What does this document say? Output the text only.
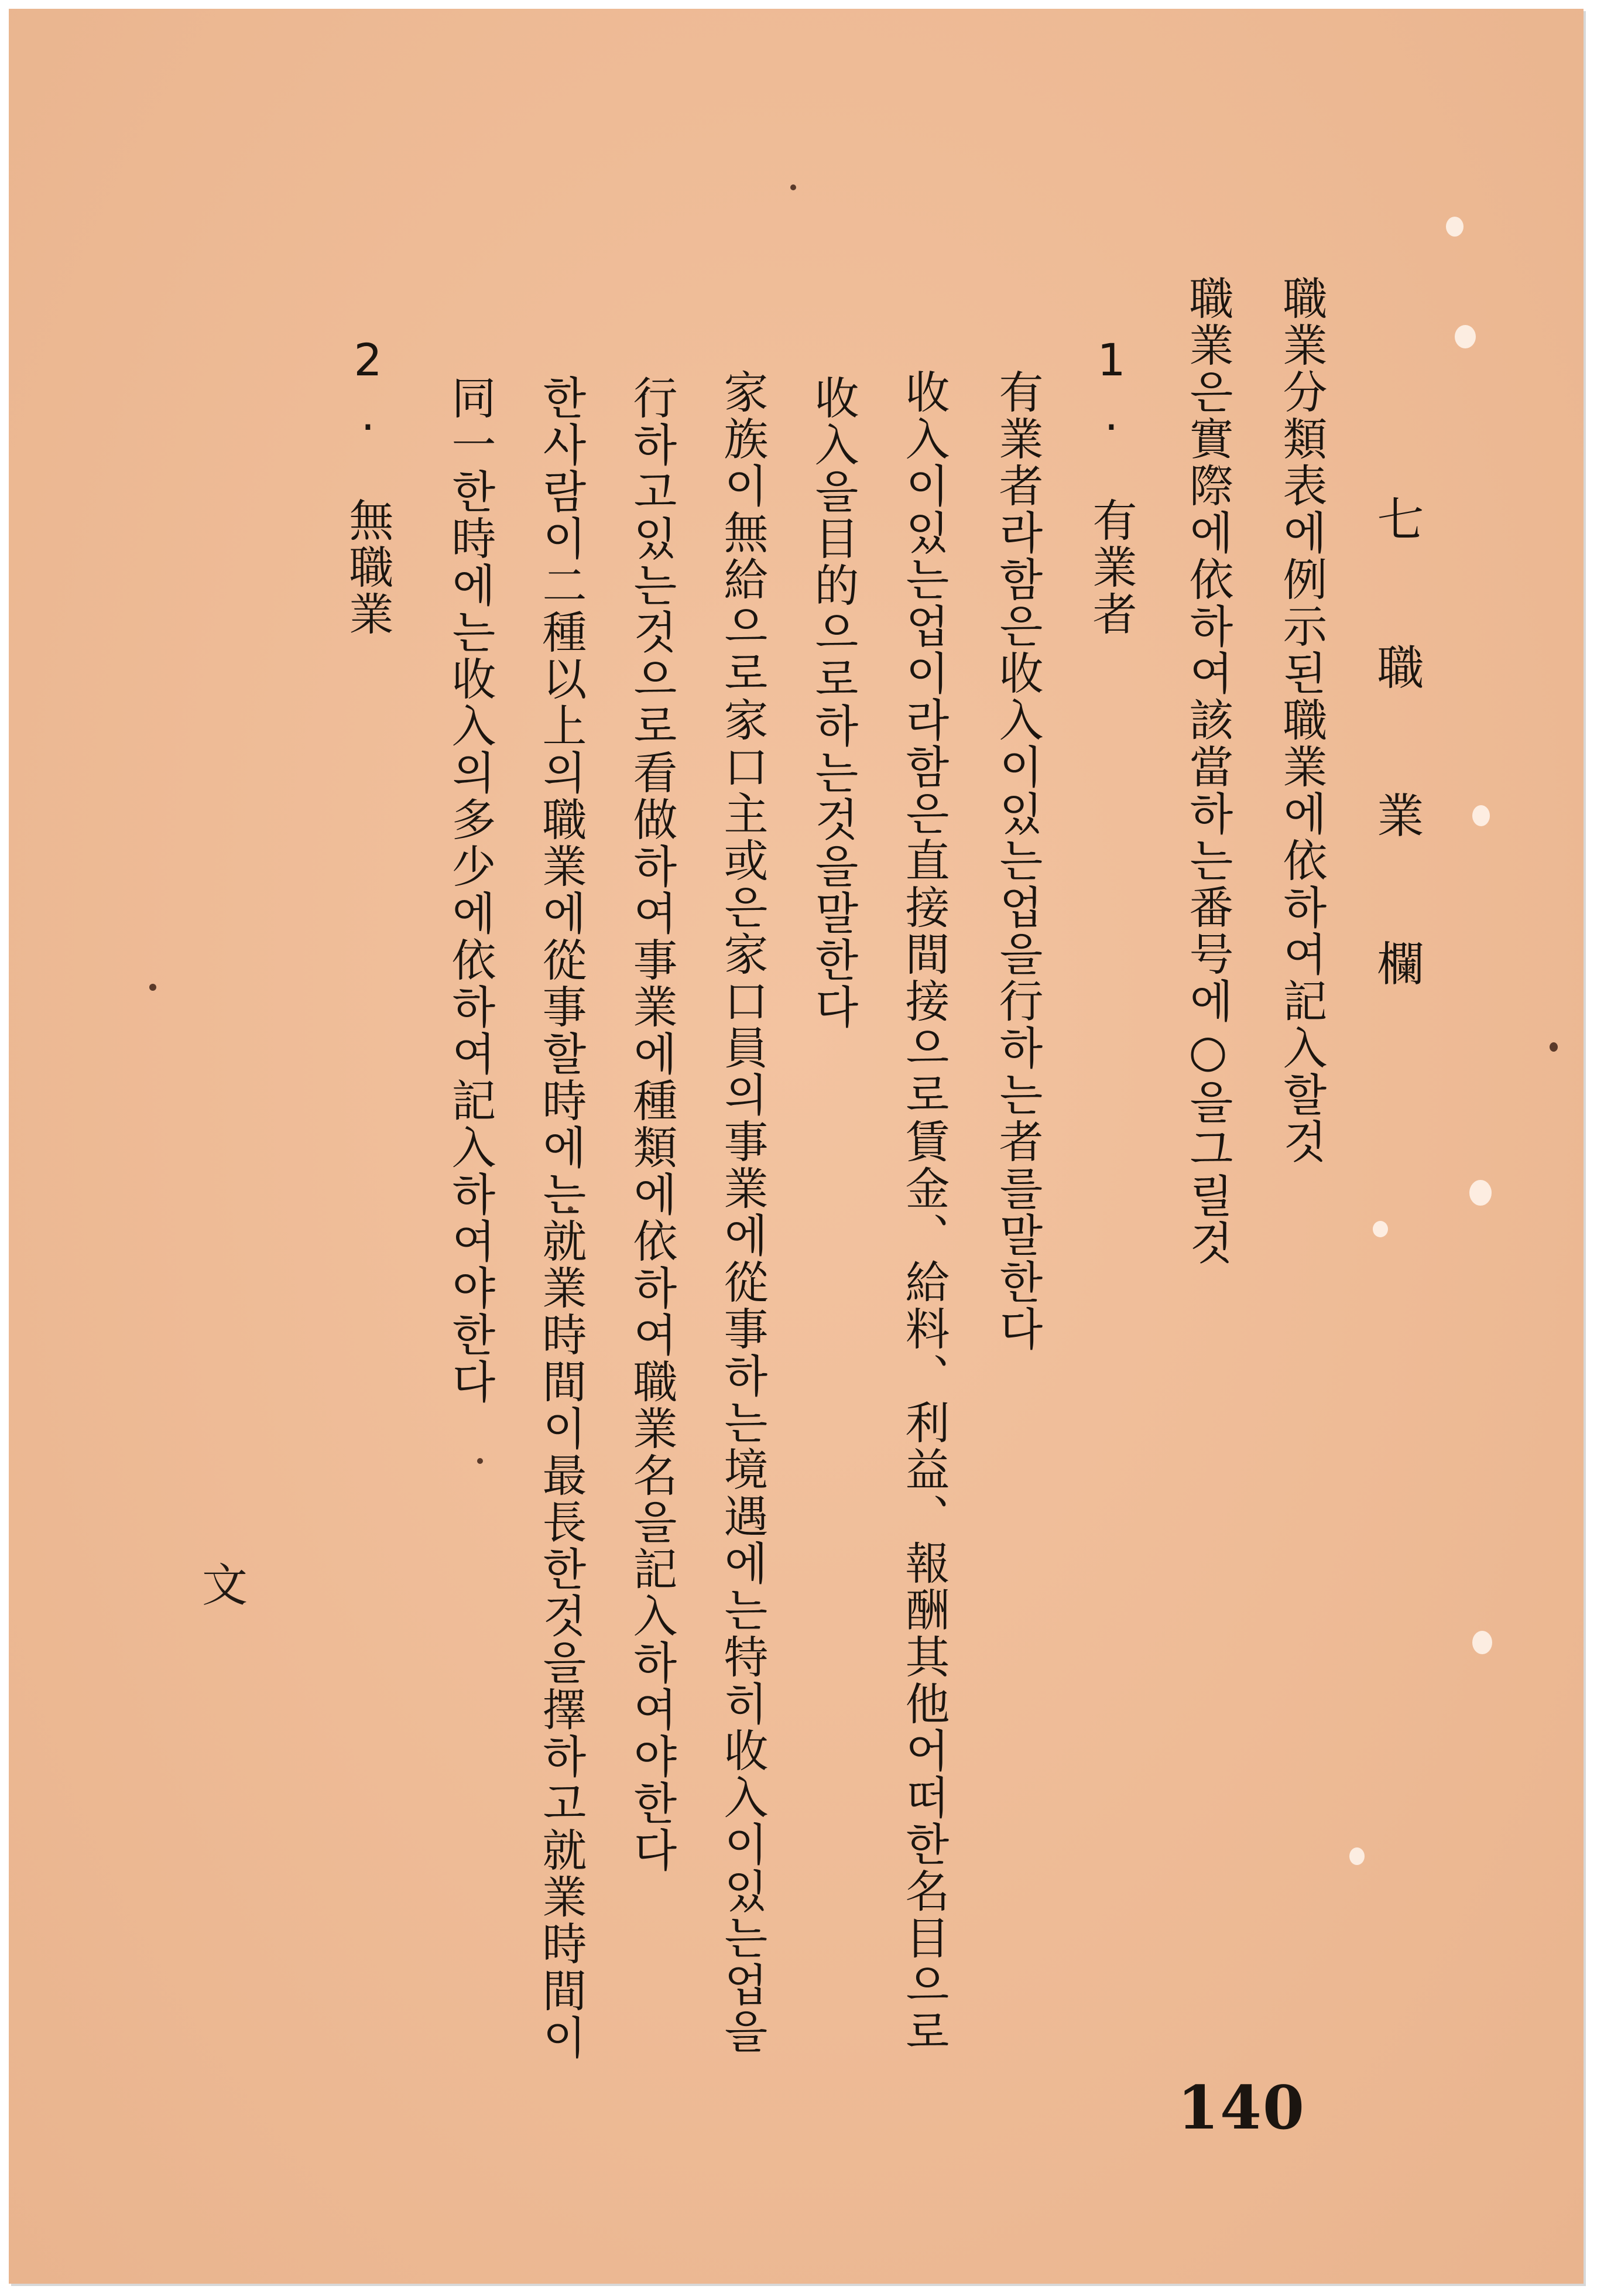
七 職 業 欄
職業分類表에例示된職業에依하여記入할것
職業은實際에依하여該當하는番号에○을그릴것
1. 有業者
有業者라함은收入이있는업을行하는者를말한다
收入이있는업이라함은直接間接으로賃金、給料、利益、報酬其他어떠한名目으로
收入을目的으로하는것을말한다
家族이無給으로家口主或은家口員의事業에從事하는境遇에는特히收入이있는업을
行하고있는것으로看做하여事業에種類에依하여職業名을記入하여야한다
한사람이二種以上의職業에從事할時에는就業時間이最長한것을擇하고就業時間이
同一한時에는收入의多少에依하여記入하여야한다
2. 無職業
文
140
